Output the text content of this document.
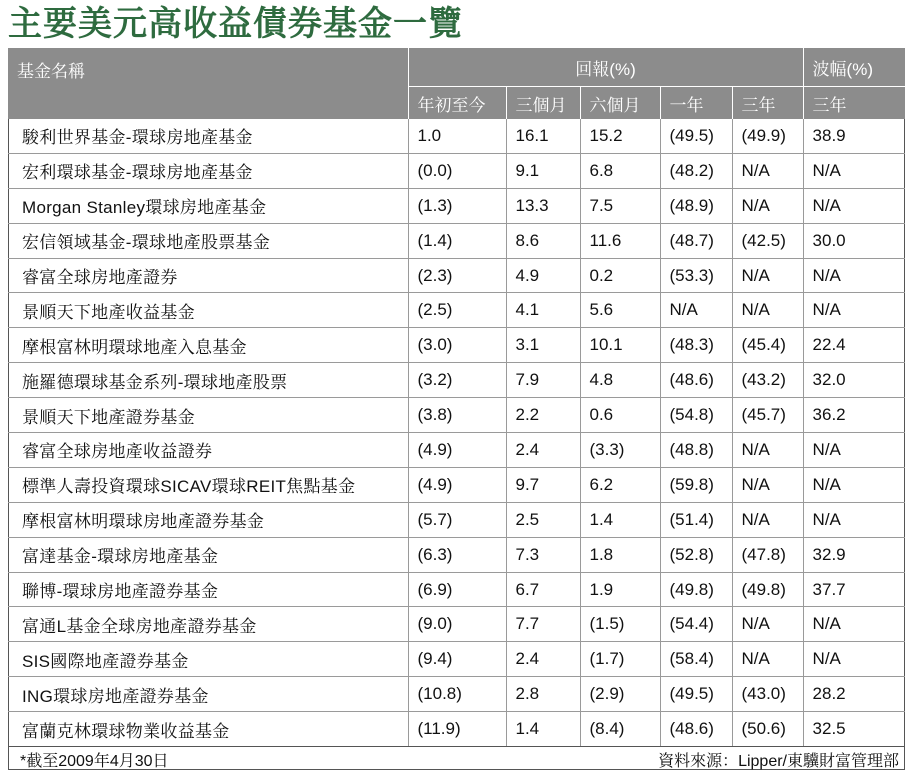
主要美元高收益債券基金一覽
基金名稱	回報(%)					波幅(%)
	年初至今	三個月	六個月	一年	三年	三年
駿利世界基金-環球房地產基金	1.0	16.1	15.2	(49.5)	(49.9)	38.9
宏利環球基金-環球房地產基金	(0.0)	9.1	6.8	(48.2)	N/A	N/A
Morgan Stanley環球房地產基金	(1.3)	13.3	7.5	(48.9)	N/A	N/A
宏信領域基金-環球地產股票基金	(1.4)	8.6	11.6	(48.7)	(42.5)	30.0
睿富全球房地產證券	(2.3)	4.9	0.2	(53.3)	N/A	N/A
景順天下地產收益基金	(2.5)	4.1	5.6	N/A	N/A	N/A
摩根富林明環球地產入息基金	(3.0)	3.1	10.1	(48.3)	(45.4)	22.4
施羅德環球基金系列-環球地產股票	(3.2)	7.9	4.8	(48.6)	(43.2)	32.0
景順天下地產證券基金	(3.8)	2.2	0.6	(54.8)	(45.7)	36.2
睿富全球房地產收益證券	(4.9)	2.4	(3.3)	(48.8)	N/A	N/A
標準人壽投資環球SICAV環球REIT焦點基金	(4.9)	9.7	6.2	(59.8)	N/A	N/A
摩根富林明環球房地產證券基金	(5.7)	2.5	1.4	(51.4)	N/A	N/A
富達基金-環球房地產基金	(6.3)	7.3	1.8	(52.8)	(47.8)	32.9
聯博-環球房地產證券基金	(6.9)	6.7	1.9	(49.8)	(49.8)	37.7
富通L基金全球房地產證券基金	(9.0)	7.7	(1.5)	(54.4)	N/A	N/A
SIS國際地產證券基金	(9.4)	2.4	(1.7)	(58.4)	N/A	N/A
ING環球房地產證券基金	(10.8)	2.8	(2.9)	(49.5)	(43.0)	28.2
富蘭克林環球物業收益基金	(11.9)	1.4	(8.4)	(48.6)	(50.6)	32.5
*截至2009年4月30日	資料來源：Lipper/東驥財富管理部
